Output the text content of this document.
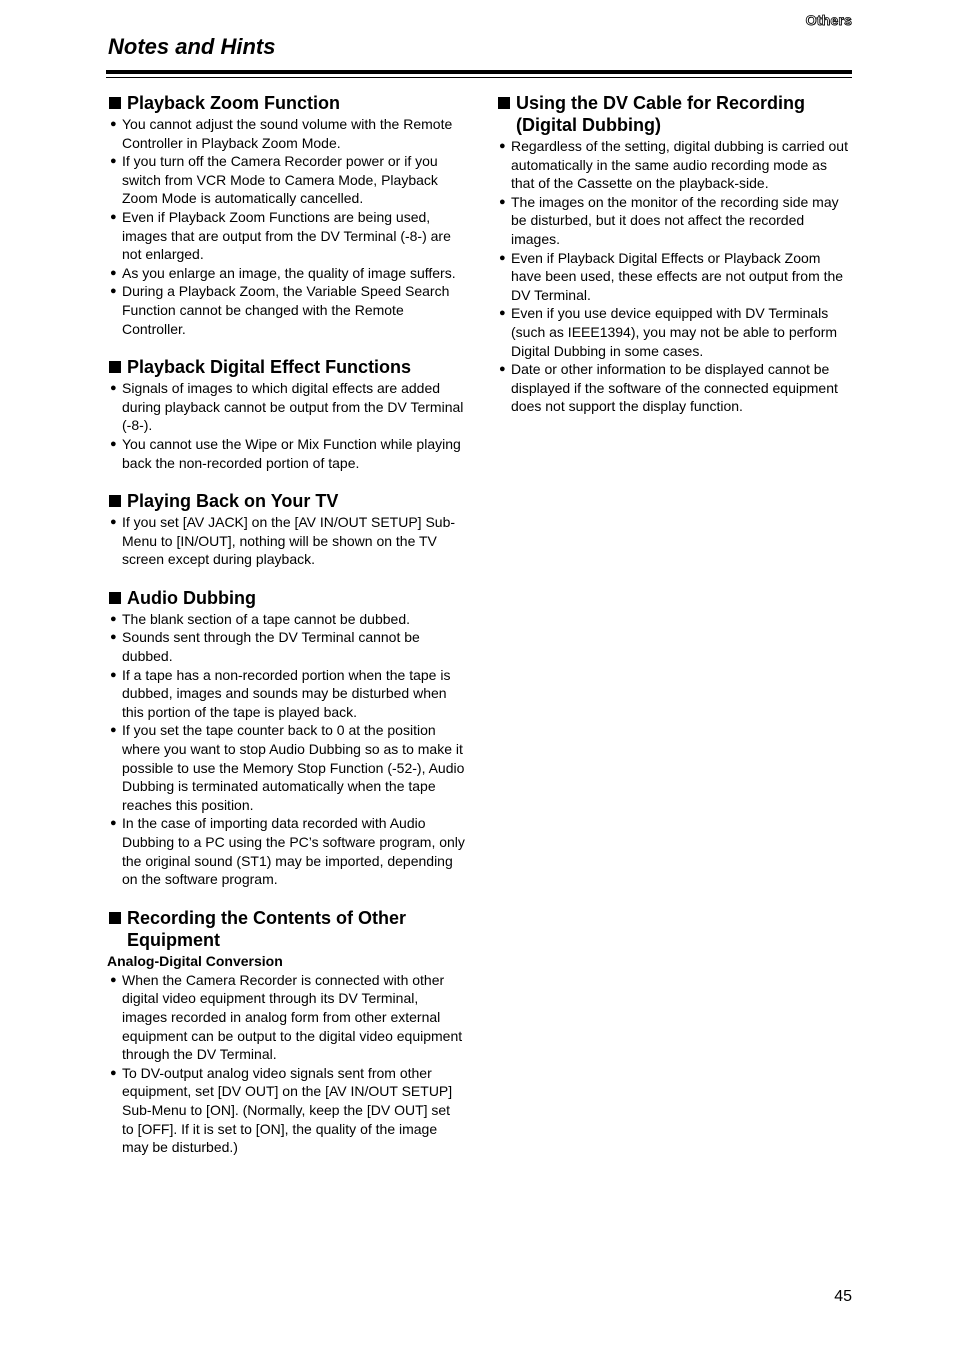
Others
Notes and Hints
Playback Zoom Function
● You cannot adjust the sound volume with the Remote Controller in Playback Zoom Mode.
● If you turn off the Camera Recorder power or if you switch from VCR Mode to Camera Mode, Playback Zoom Mode is automatically cancelled.
● Even if Playback Zoom Functions are being used, images that are output from the DV Terminal (-8-) are not enlarged.
● As you enlarge an image, the quality of image suffers.
● During a Playback Zoom, the Variable Speed Search Function cannot be changed with the Remote Controller.
Playback Digital Effect Functions
● Signals of images to which digital effects are added during playback cannot be output from the DV Terminal (-8-).
● You cannot use the Wipe or Mix Function while playing back the non-recorded portion of tape.
Playing Back on Your TV
● If you set [AV JACK] on the [AV IN/OUT SETUP] Sub-Menu to [IN/OUT], nothing will be shown on the TV screen except during playback.
Audio Dubbing
● The blank section of a tape cannot be dubbed.
● Sounds sent through the DV Terminal cannot be dubbed.
● If a tape has a non-recorded portion when the tape is dubbed, images and sounds may be disturbed when this portion of the tape is played back.
● If you set the tape counter back to 0 at the position where you want to stop Audio Dubbing so as to make it possible to use the Memory Stop Function (-52-), Audio Dubbing is terminated automatically when the tape reaches this position.
● In the case of importing data recorded with Audio Dubbing to a PC using the PC’s software program, only the original sound (ST1) may be imported, depending on the software program.
Recording the Contents of Other Equipment
Analog-Digital Conversion
● When the Camera Recorder is connected with other digital video equipment through its DV Terminal, images recorded in analog form from other external equipment can be output to the digital video equipment through the DV Terminal.
● To DV-output analog video signals sent from other equipment, set [DV OUT] on the [AV IN/OUT SETUP] Sub-Menu to [ON]. (Normally, keep the [DV OUT] set to [OFF]. If it is set to [ON], the quality of the image may be disturbed.)
Using the DV Cable for Recording (Digital Dubbing)
● Regardless of the setting, digital dubbing is carried out automatically in the same audio recording mode as that of the Cassette on the playback-side.
● The images on the monitor of the recording side may be disturbed, but it does not affect the recorded images.
● Even if Playback Digital Effects or Playback Zoom have been used, these effects are not output from the DV Terminal.
● Even if you use device equipped with DV Terminals (such as IEEE1394), you may not be able to perform Digital Dubbing in some cases.
● Date or other information to be displayed cannot be displayed if the software of the connected equipment does not support the display function.
45
